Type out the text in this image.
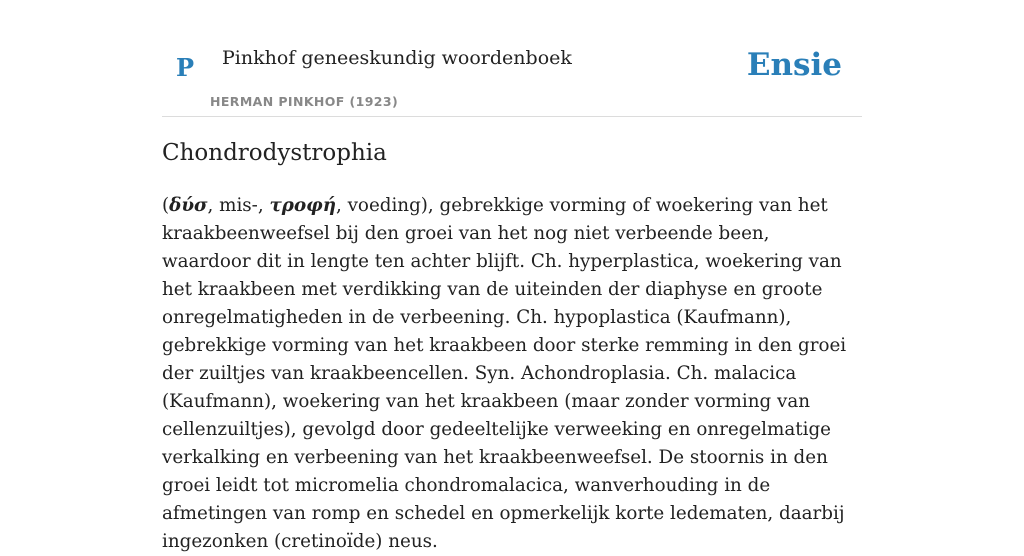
P Pinkhof geneeskundig woordenboek
HERMAN PINKHOF (1923)
Ensie
Chondrodystrophia

(δύσ, mis-, τροφή, voeding), gebrekkige vorming of woekering van het kraakbeenweefsel bij den groei van het nog niet verbeende been, waardoor dit in lengte ten achter blijft. Ch. hyperplastica, woekering van het kraakbeen met verdikking van de uiteinden der diaphyse en groote onregelmatigheden in de verbeening. Ch. hypoplastica (Kaufmann), gebrekkige vorming van het kraakbeen door sterke remming in den groei der zuiltjes van kraakbeencellen. Syn. Achondroplasia. Ch. malacica (Kaufmann), woekering van het kraakbeen (maar zonder vorming van cellenzuiltjes), gevolgd door gedeeltelijke verweeking en onregelmatige verkalking en verbeening van het kraakbeenweefsel. De stoornis in den groei leidt tot micromelia chondromalacica, wanverhouding in de afmetingen van romp en schedel en opmerkelijk korte ledematen, daarbij ingezonken (cretinoïde) neus.
